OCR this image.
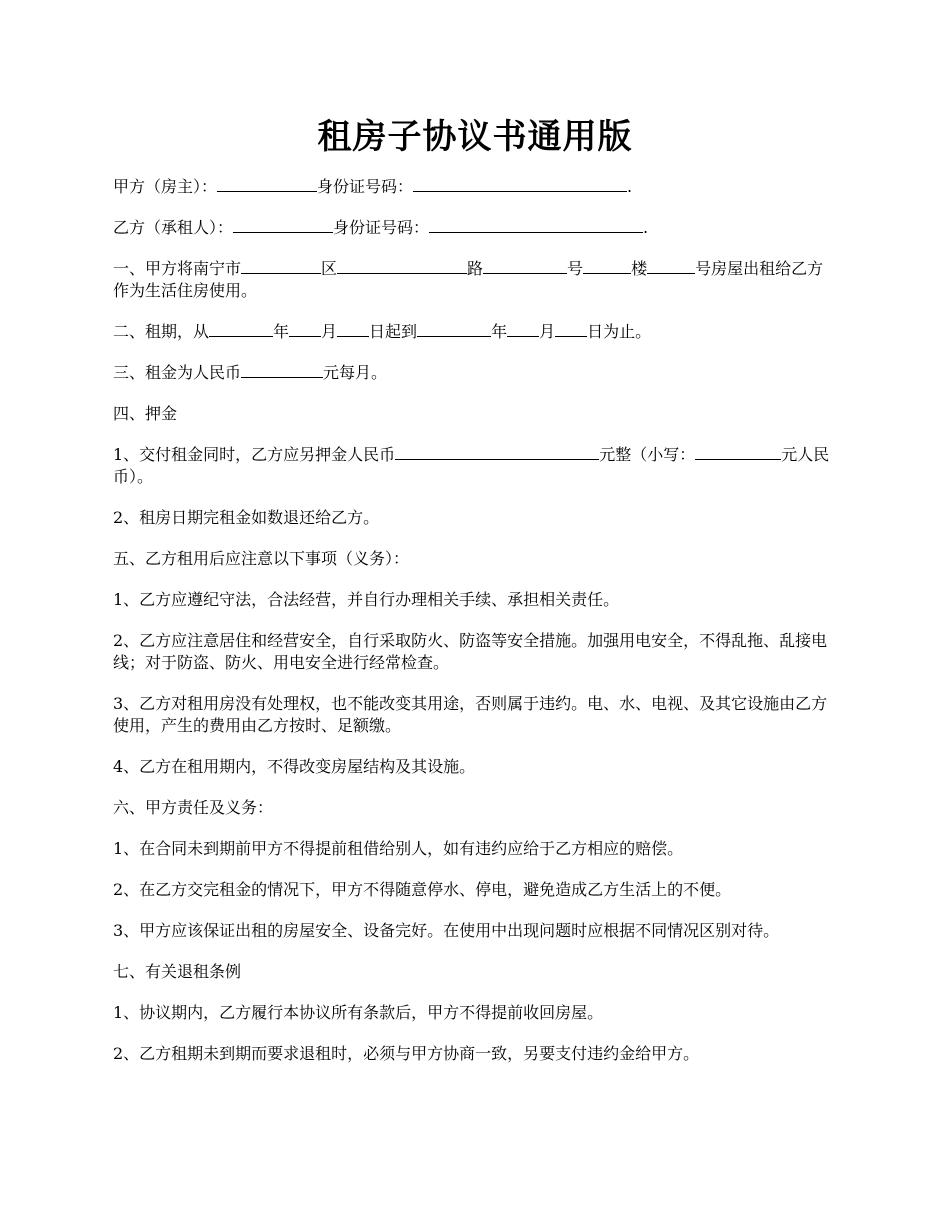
租房子协议书通用版

甲方（房主）：	身份证号码：	.

乙方（承租人）：	身份证号码：	.

一、甲方将南宁市	区	路	号	楼	号房屋出租给乙方作为生活住房使用。

二、租期，从	年 月 日起到	年 月 日为止。

三、租金为人民币	元每月。

四、押金

1、交付租金同时，乙方应另押金人民币	元整（小写：	元人民币）。

2、租房日期完租金如数退还给乙方。

五、乙方租用后应注意以下事项（义务）：

1、乙方应遵纪守法，合法经营，并自行办理相关手续、承担相关责任。

2、乙方应注意居住和经营安全，自行采取防火、防盗等安全措施。加强用电安全，不得乱拖、乱接电线；对于防盗、防火、用电安全进行经常检查。

3、乙方对租用房没有处理权，也不能改变其用途，否则属于违约。电、水、电视、及其它设施由乙方使用，产生的费用由乙方按时、足额缴。

4、乙方在租用期内，不得改变房屋结构及其设施。

六、甲方责任及义务：

1、在合同未到期前甲方不得提前租借给别人，如有违约应给于乙方相应的赔偿。

2、在乙方交完租金的情况下，甲方不得随意停水、停电，避免造成乙方生活上的不便。

3、甲方应该保证出租的房屋安全、设备完好。在使用中出现问题时应根据不同情况区别对待。

七、有关退租条例

1、协议期内，乙方履行本协议所有条款后，甲方不得提前收回房屋。

2、乙方租期未到期而要求退租时，必须与甲方协商一致，另要支付违约金给甲方。
